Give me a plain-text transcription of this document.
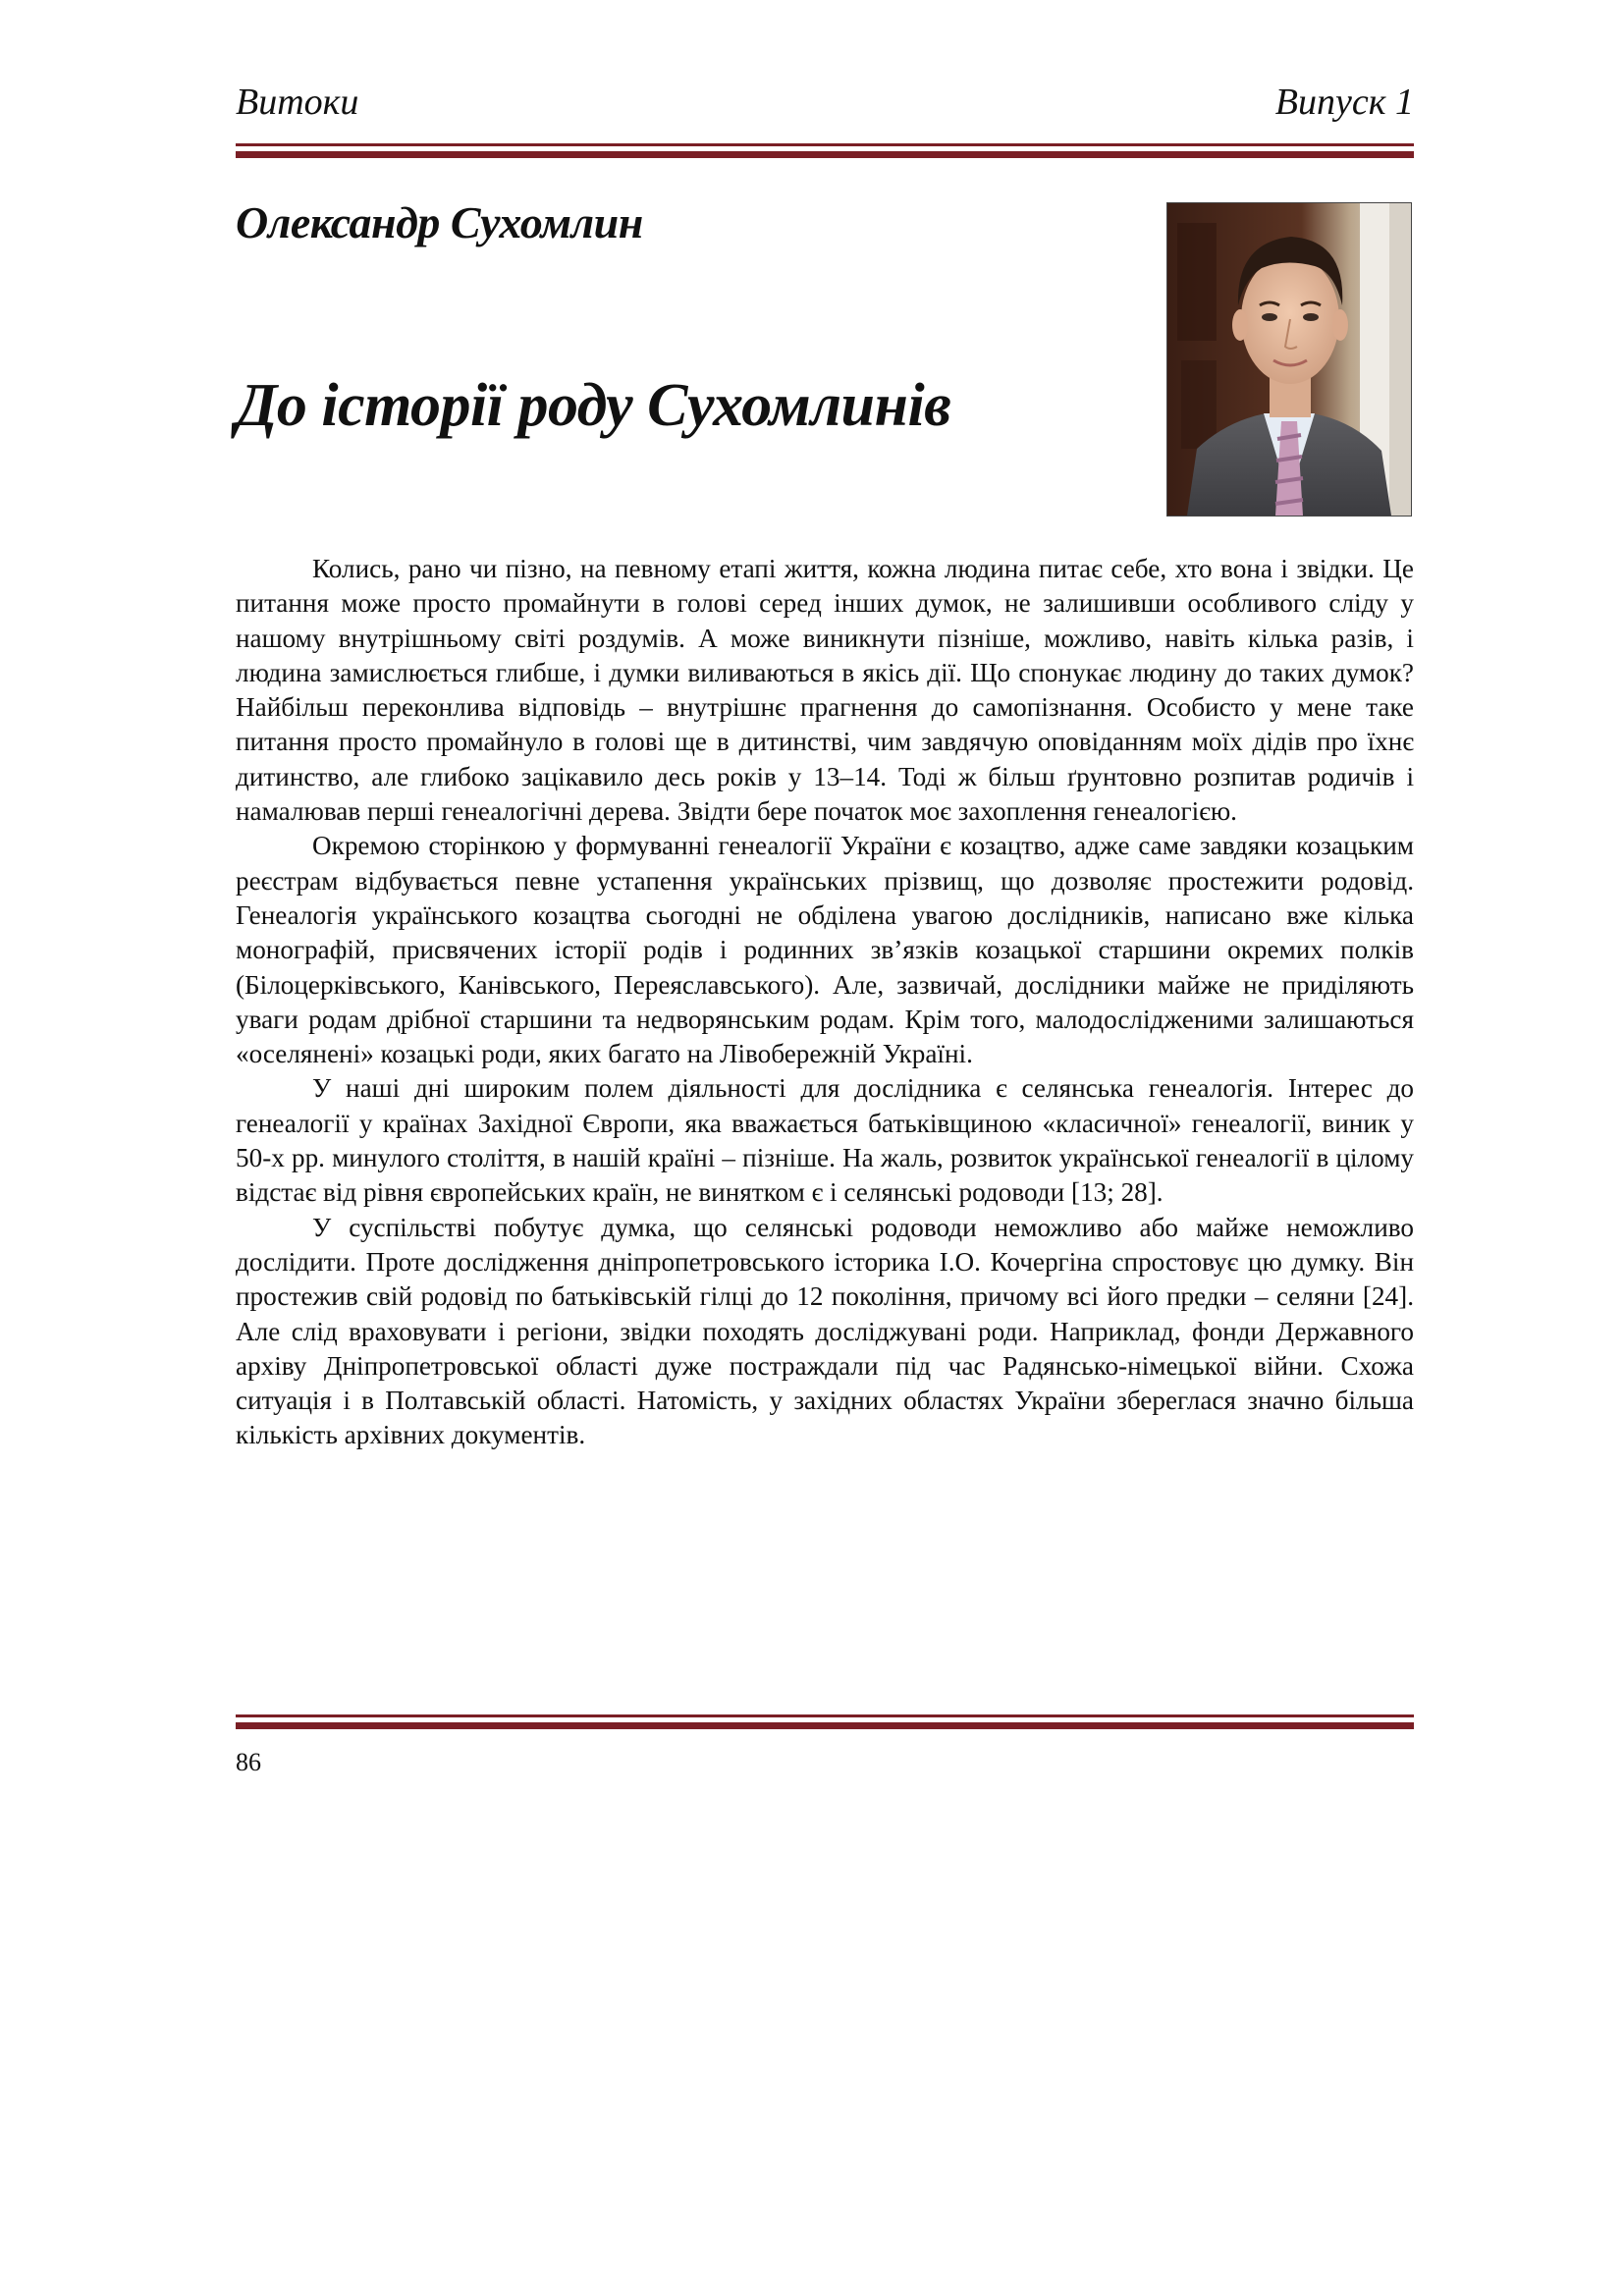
Витоки	Випуск 1
Олександр Сухомлин
До історії роду Сухомлинів

Колись, рано чи пізно, на певному етапі життя, кожна людина питає себе, хто вона і звідки. Це питання може просто промайнути в голові серед інших думок, не залишивши особливого сліду у нашому внутрішньому світі роздумів. А може виникнути пізніше, можливо, навіть кілька разів, і людина замислюється глибше, і думки виливаються в якісь дії. Що спонукає людину до таких думок? Найбільш переконлива відповідь – внутрішнє прагнення до самопізнання. Особисто у мене таке питання просто промайнуло в голові ще в дитинстві, чим завдячую оповіданням моїх дідів про їхнє дитинство, але глибоко зацікавило десь років у 13–14. Тоді ж більш ґрунтовно розпитав родичів і намалював перші генеалогічні дерева. Звідти бере початок моє захоплення генеалогією.

Окремою сторінкою у формуванні генеалогії України є козацтво, адже саме завдяки козацьким реєстрам відбувається певне устапення українських прізвищ, що дозволяє простежити родовід. Генеалогія українського козацтва сьогодні не обділена увагою дослідників, написано вже кілька монографій, присвячених історії родів і родинних зв’язків козацької старшини окремих полків (Білоцерківського, Канівського, Переяславського). Але, зазвичай, дослідники майже не приділяють уваги родам дрібної старшини та недворянським родам. Крім того, малодослідженими залишаються «оселянені» козацькі роди, яких багато на Лівобережній Україні.

У наші дні широким полем діяльності для дослідника є селянська генеалогія. Інтерес до генеалогії у країнах Західної Європи, яка вважається батьківщиною «класичної» генеалогії, виник у 50-х рр. минулого століття, в нашій країні – пізніше. На жаль, розвиток української генеалогії в цілому відстає від рівня європейських країн, не винятком є і селянські родоводи [13; 28].

У суспільстві побутує думка, що селянські родоводи неможливо або майже неможливо дослідити. Проте дослідження дніпропетровського історика І.О. Кочергіна спростовує цю думку. Він простежив свій родовід по батьківській гілці до 12 покоління, причому всі його предки – селяни [24]. Але слід враховувати і регіони, звідки походять досліджувані роди. Наприклад, фонди Державного архіву Дніпропетровської області дуже постраждали під час Радянсько-німецької війни. Схожа ситуація і в Полтавській області. Натомість, у західних областях України збереглася значно більша кількість архівних документів.

86
